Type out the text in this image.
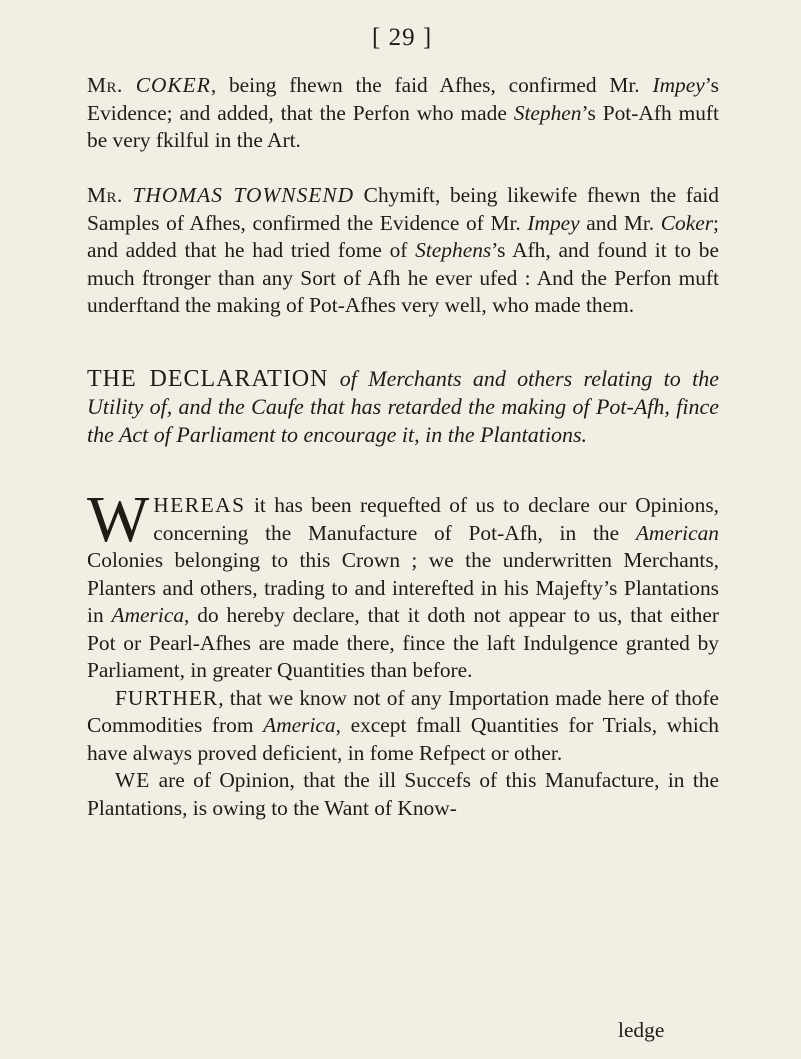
[ 29 ]

Mr. COKER, being fhewn the faid Afhes, confirmed Mr. Impey’s Evidence; and added, that the Perfon who made Stephen’s Pot-Afh muft be very fkilful in the Art.

Mr. THOMAS TOWNSEND Chymift, being likewife fhewn the faid Samples of Afhes, confirmed the Evidence of Mr. Impey and Mr. Coker; and added that he had tried fome of Stephens’s Afh, and found it to be much ftronger than any Sort of Afh he ever ufed : And the Perfon muft underftand the making of Pot-Afhes very well, who made them.

THE DECLARATION of Merchants and others relating to the Utility of, and the Caufe that has retarded the making of Pot-Afh, fince the Act of Parliament to encourage it, in the Plantations.

WHEREAS it has been requefted of us to declare our Opinions, concerning the Manufacture of Pot-Afh, in the American Colonies belonging to this Crown ; we the underwritten Merchants, Planters and others, trading to and interefted in his Majefty’s Plantations in America, do hereby declare, that it doth not appear to us, that either Pot or Pearl-Afhes are made there, fince the laft Indulgence granted by Parliament, in greater Quantities than before.

FURTHER, that we know not of any Importation made here of thofe Commodities from America, except fmall Quantities for Trials, which have always proved deficient, in fome Refpect or other.

WE are of Opinion, that the ill Succefs of this Manufacture, in the Plantations, is owing to the Want of Know-

ledge
